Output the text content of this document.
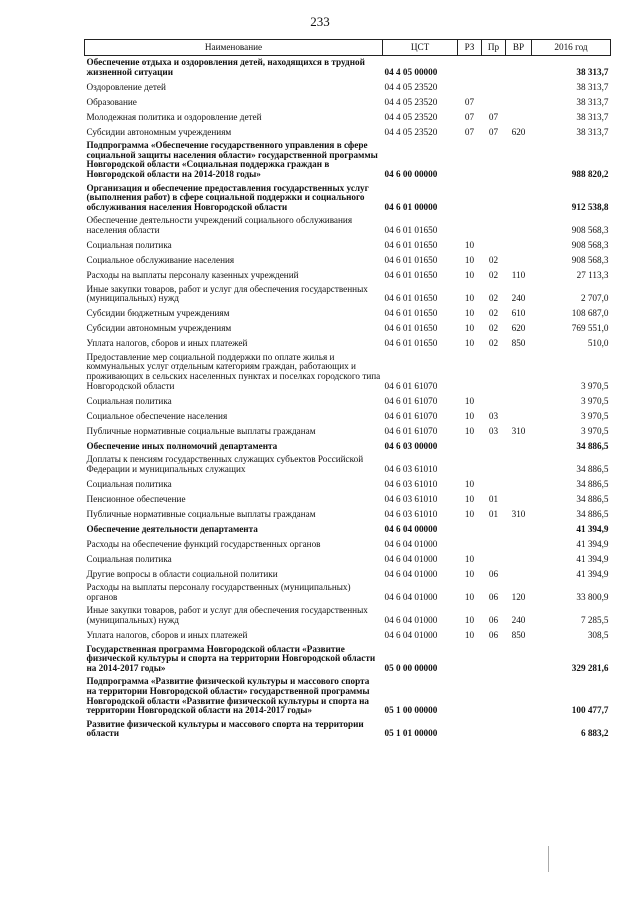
233
Наименование	ЦСТ	РЗ	Пр	ВР	2016 год
Обеспечение отдыха и оздоровления детей, находящихся в трудной жизненной ситуации	04 4 05 00000				38 313,7
Оздоровление детей	04 4 05 23520				38 313,7
Образование	04 4 05 23520	07			38 313,7
Молодежная политика и оздоровление детей	04 4 05 23520	07	07		38 313,7
Субсидии автономным учреждениям	04 4 05 23520	07	07	620	38 313,7
Подпрограмма «Обеспечение государственного управления в сфере социальной защиты населения области» государственной программы Новгородской области «Социальная поддержка граждан в Новгородской области на 2014-2018 годы»	04 6 00 00000				988 820,2
Организация и обеспечение предоставления государственных услуг (выполнения работ) в сфере социальной поддержки и социального обслуживания населения Новгородской области	04 6 01 00000				912 538,8
Обеспечение деятельности учреждений социального обслуживания населения области	04 6 01 01650				908 568,3
Социальная политика	04 6 01 01650	10			908 568,3
Социальное обслуживание населения	04 6 01 01650	10	02		908 568,3
Расходы на выплаты персоналу казенных учреждений	04 6 01 01650	10	02	110	27 113,3
Иные закупки товаров, работ и услуг для обеспечения государственных (муниципальных) нужд	04 6 01 01650	10	02	240	2 707,0
Субсидии бюджетным учреждениям	04 6 01 01650	10	02	610	108 687,0
Субсидии автономным учреждениям	04 6 01 01650	10	02	620	769 551,0
Уплата налогов, сборов и иных платежей	04 6 01 01650	10	02	850	510,0
Предоставление мер социальной поддержки по оплате жилья и коммунальных услуг отдельным категориям граждан, работающих и проживающих в сельских населенных пунктах и поселках городского типа Новгородской области	04 6 01 61070				3 970,5
Социальная политика	04 6 01 61070	10			3 970,5
Социальное обеспечение населения	04 6 01 61070	10	03		3 970,5
Публичные нормативные социальные выплаты гражданам	04 6 01 61070	10	03	310	3 970,5
Обеспечение иных полномочий департамента	04 6 03 00000				34 886,5
Доплаты к пенсиям государственных служащих субъектов Российской Федерации и муниципальных служащих	04 6 03 61010				34 886,5
Социальная политика	04 6 03 61010	10			34 886,5
Пенсионное обеспечение	04 6 03 61010	10	01		34 886,5
Публичные нормативные социальные выплаты гражданам	04 6 03 61010	10	01	310	34 886,5
Обеспечение деятельности департамента	04 6 04 00000				41 394,9
Расходы на обеспечение функций государственных органов	04 6 04 01000				41 394,9
Социальная политика	04 6 04 01000	10			41 394,9
Другие вопросы в области социальной политики	04 6 04 01000	10	06		41 394,9
Расходы на выплаты персоналу государственных (муниципальных) органов	04 6 04 01000	10	06	120	33 800,9
Иные закупки товаров, работ и услуг для обеспечения государственных (муниципальных) нужд	04 6 04 01000	10	06	240	7 285,5
Уплата налогов, сборов и иных платежей	04 6 04 01000	10	06	850	308,5
Государственная программа Новгородской области «Развитие физической культуры и спорта на территории Новгородской области на 2014-2017 годы»	05 0 00 00000				329 281,6
Подпрограмма «Развитие физической культуры и массового спорта на территории Новгородской области» государственной программы Новгородской области «Развитие физической культуры и спорта на территории Новгородской области на 2014-2017 годы»	05 1 00 00000				100 477,7
Развитие физической культуры и массового спорта на территории области	05 1 01 00000				6 883,2
